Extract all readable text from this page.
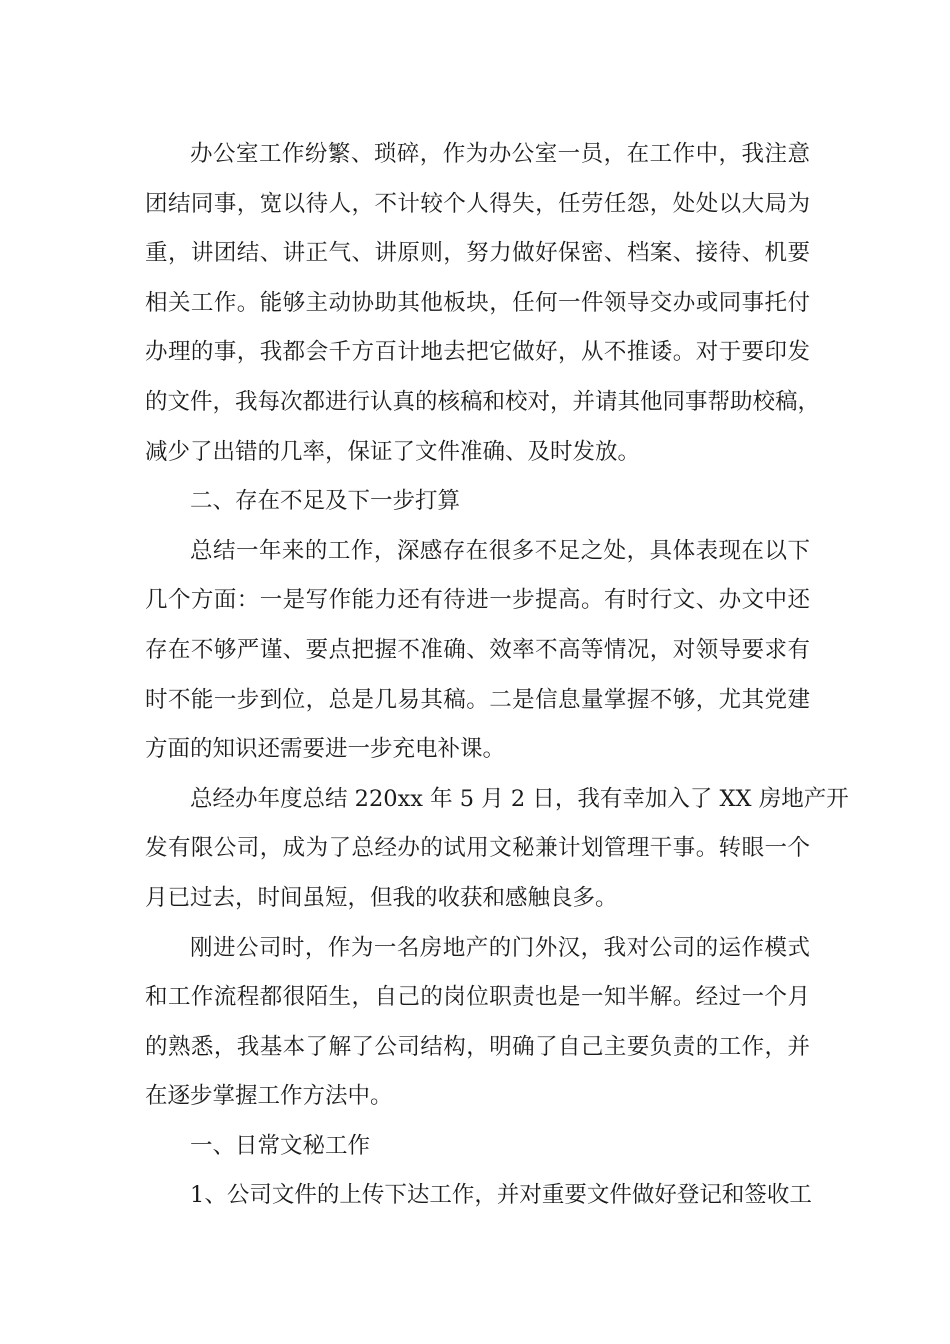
办公室工作纷繁、琐碎，作为办公室一员，在工作中，我注意
团结同事，宽以待人，不计较个人得失，任劳任怨，处处以大局为
重，讲团结、讲正气、讲原则，努力做好保密、档案、接待、机要
相关工作。能够主动协助其他板块，任何一件领导交办或同事托付
办理的事，我都会千方百计地去把它做好，从不推诿。对于要印发
的文件，我每次都进行认真的核稿和校对，并请其他同事帮助校稿，
减少了出错的几率，保证了文件准确、及时发放。
二、存在不足及下一步打算
总结一年来的工作，深感存在很多不足之处，具体表现在以下
几个方面：一是写作能力还有待进一步提高。有时行文、办文中还
存在不够严谨、要点把握不准确、效率不高等情况，对领导要求有
时不能一步到位，总是几易其稿。二是信息量掌握不够，尤其党建
方面的知识还需要进一步充电补课。
总经办年度总结 220xx 年 5 月 2 日，我有幸加入了 XX 房地产开
发有限公司，成为了总经办的试用文秘兼计划管理干事。转眼一个
月已过去，时间虽短，但我的收获和感触良多。
刚进公司时，作为一名房地产的门外汉，我对公司的运作模式
和工作流程都很陌生，自己的岗位职责也是一知半解。经过一个月
的熟悉，我基本了解了公司结构，明确了自己主要负责的工作，并
在逐步掌握工作方法中。
一、日常文秘工作
1、公司文件的上传下达工作，并对重要文件做好登记和签收工
